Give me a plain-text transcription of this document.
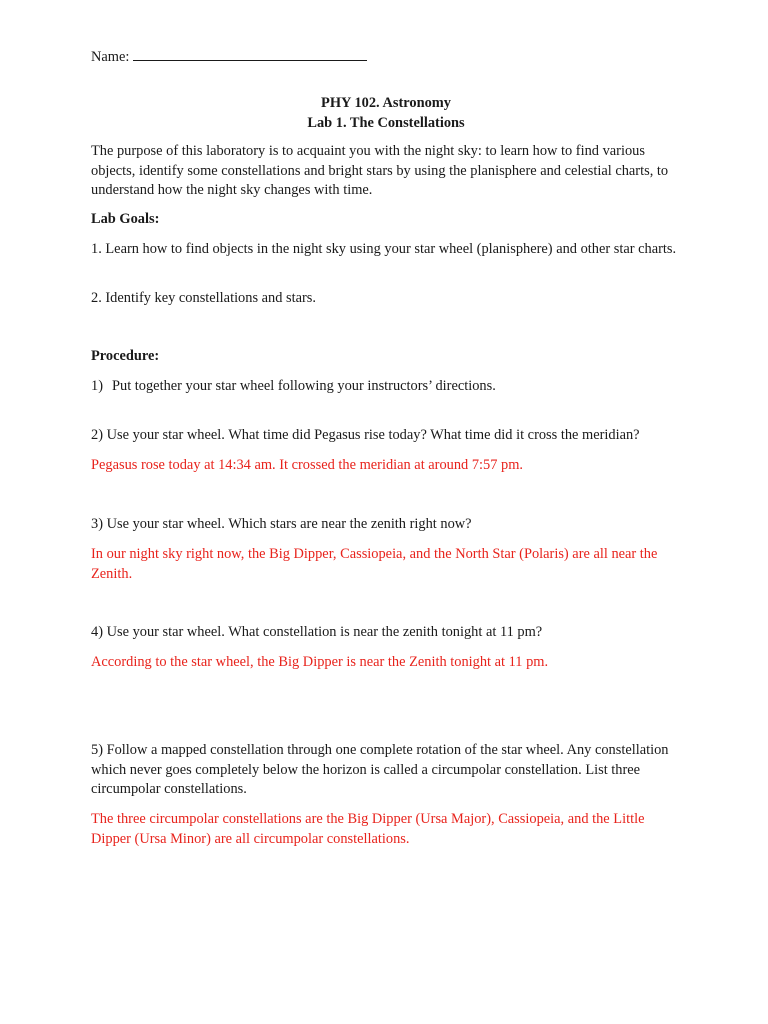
Name:
PHY 102. Astronomy
Lab 1. The Constellations

The purpose of this laboratory is to acquaint you with the night sky: to learn how to find various objects, identify some constellations and bright stars by using the planisphere and celestial charts, to understand how the night sky changes with time.

Lab Goals:

1. Learn how to find objects in the night sky using your star wheel (planisphere) and other star charts.

2. Identify key constellations and stars.

Procedure:

1) Put together your star wheel following your instructors’ directions.

2) Use your star wheel. What time did Pegasus rise today? What time did it cross the meridian?

Pegasus rose today at 14:34 am. It crossed the meridian at around 7:57 pm.

3) Use your star wheel. Which stars are near the zenith right now?

In our night sky right now, the Big Dipper, Cassiopeia, and the North Star (Polaris) are all near the Zenith.

4) Use your star wheel. What constellation is near the zenith tonight at 11 pm?

According to the star wheel, the Big Dipper is near the Zenith tonight at 11 pm.

5) Follow a mapped constellation through one complete rotation of the star wheel. Any constellation which never goes completely below the horizon is called a circumpolar constellation. List three circumpolar constellations.

The three circumpolar constellations are the Big Dipper (Ursa Major), Cassiopeia, and the Little Dipper (Ursa Minor) are all circumpolar constellations.
